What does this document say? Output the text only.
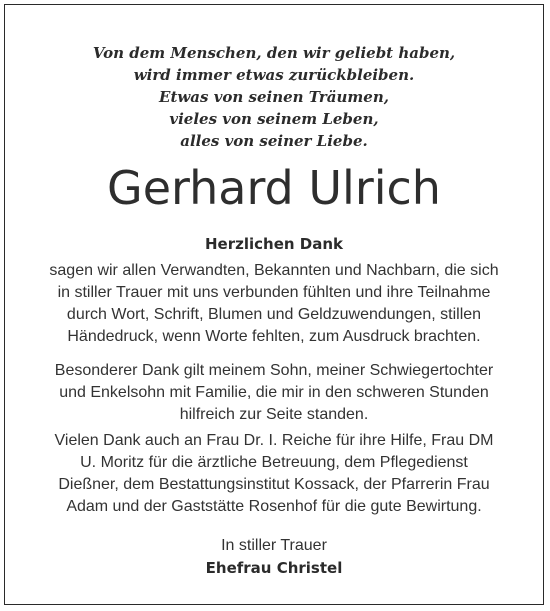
Von dem Menschen, den wir geliebt haben,
wird immer etwas zurückbleiben.
Etwas von seinen Träumen,
vieles von seinem Leben,
alles von seiner Liebe.
Gerhard Ulrich
Herzlichen Dank
sagen wir allen Verwandten, Bekannten und Nachbarn, die sich
in stiller Trauer mit uns verbunden fühlten und ihre Teilnahme
durch Wort, Schrift, Blumen und Geldzuwendungen, stillen
Händedruck, wenn Worte fehlten, zum Ausdruck brachten.
Besonderer Dank gilt meinem Sohn, meiner Schwiegertochter
und Enkelsohn mit Familie, die mir in den schweren Stunden
hilfreich zur Seite standen.
Vielen Dank auch an Frau Dr. I. Reiche für ihre Hilfe, Frau DM
U. Moritz für die ärztliche Betreuung, dem Pflegedienst
Dießner, dem Bestattungsinstitut Kossack, der Pfarrerin Frau
Adam und der Gaststätte Rosenhof für die gute Bewirtung.
In stiller Trauer
Ehefrau Christel
